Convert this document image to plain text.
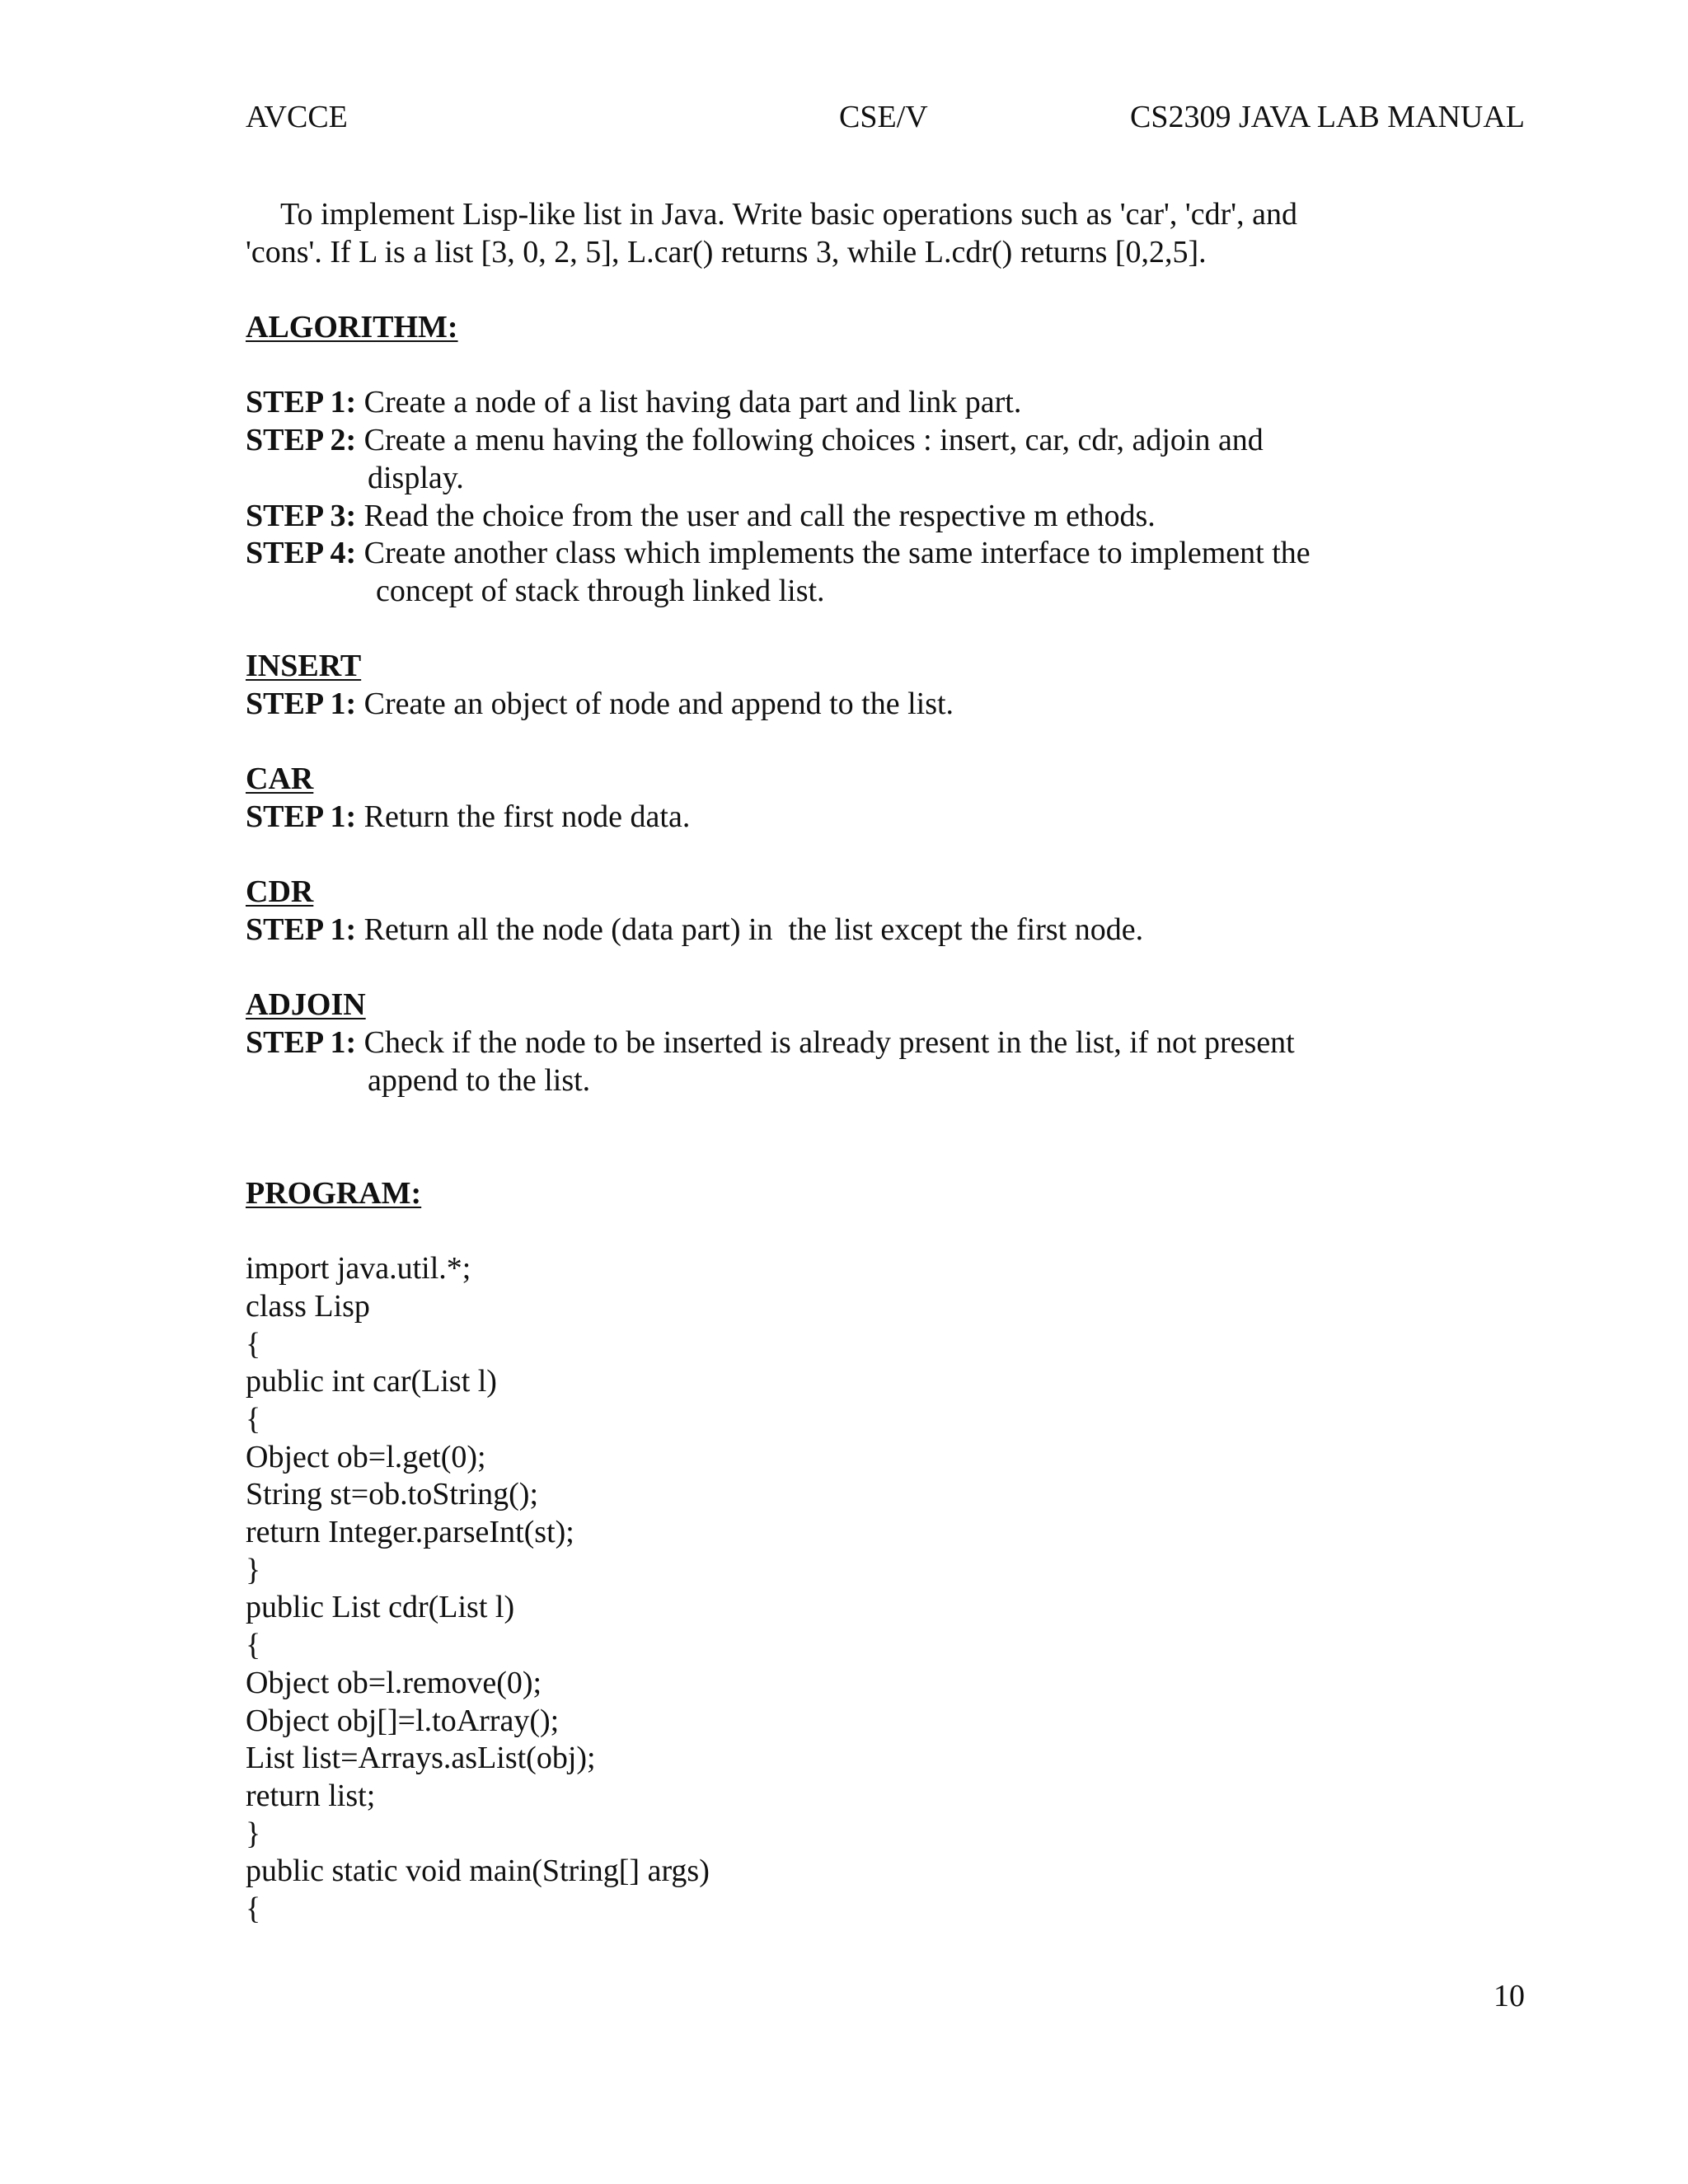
AVCCE	CSE/V	CS2309 JAVA LAB MANUAL
To implement Lisp-like list in Java. Write basic operations such as 'car', 'cdr', and
'cons'. If L is a list [3, 0, 2, 5], L.car() returns 3, while L.cdr() returns [0,2,5].
ALGORITHM:
STEP 1: Create a node of a list having data part and link part.
STEP 2: Create a menu having the following choices : insert, car, cdr, adjoin and
display.
STEP 3: Read the choice from the user and call the respective m ethods.
STEP 4: Create another class which implements the same interface to implement the
concept of stack through linked list.
INSERT
STEP 1: Create an object of node and append to the list.
CAR
STEP 1: Return the first node data.
CDR
STEP 1: Return all the node (data part) in  the list except the first node.
ADJOIN
STEP 1: Check if the node to be inserted is already present in the list, if not present
append to the list.
PROGRAM:
import java.util.*;
class Lisp
{
public int car(List l)
{
Object ob=l.get(0);
String st=ob.toString();
return Integer.parseInt(st);
}
public List cdr(List l)
{
Object ob=l.remove(0);
Object obj[]=l.toArray();
List list=Arrays.asList(obj);
return list;
}
public static void main(String[] args)
{
10
